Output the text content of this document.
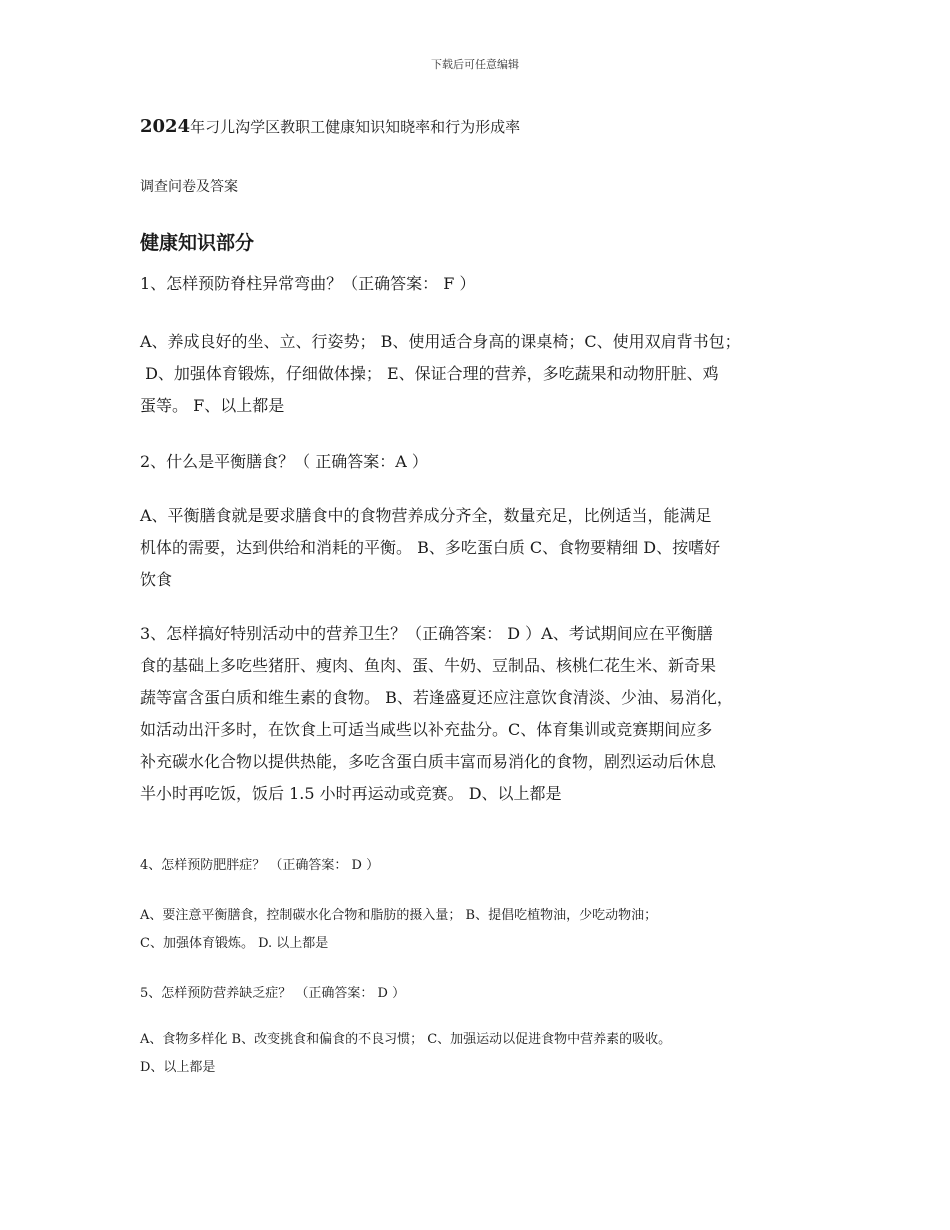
下载后可任意编辑
2024年刁儿沟学区教职工健康知识知晓率和行为形成率
调查问卷及答案
健康知识部分
1、怎样预防脊柱异常弯曲？（正确答案： F ）
A、养成良好的坐、立、行姿势； B、使用适合身高的课桌椅；C、使用双肩背书包；
D、加强体育锻炼，仔细做体操； E、保证合理的营养，多吃蔬果和动物肝脏、鸡
蛋等。 F、以上都是
2、什么是平衡膳食？（ 正确答案：A ）
A、平衡膳食就是要求膳食中的食物营养成分齐全，数量充足，比例适当，能满足
机体的需要，达到供给和消耗的平衡。 B、多吃蛋白质 C、食物要精细 D、按嗜好
饮食
3、怎样搞好特别活动中的营养卫生？（正确答案： D ）A、考试期间应在平衡膳
食的基础上多吃些猪肝、瘦肉、鱼肉、蛋、牛奶、豆制品、核桃仁花生米、新奇果
蔬等富含蛋白质和维生素的食物。 B、若逢盛夏还应注意饮食清淡、少油、易消化，
如活动出汗多时，在饮食上可适当咸些以补充盐分。C、体育集训或竞赛期间应多
补充碳水化合物以提供热能，多吃含蛋白质丰富而易消化的食物，剧烈运动后休息
半小时再吃饭，饭后 1.5 小时再运动或竞赛。 D、以上都是
4、怎样预防肥胖症？ （正确答案： D ）
A、要注意平衡膳食，控制碳水化合物和脂肪的摄入量； B、提倡吃植物油，少吃动物油；
C、加强体育锻炼。 D. 以上都是
5、怎样预防营养缺乏症？ （正确答案： D ）
A、食物多样化 B、改变挑食和偏食的不良习惯； C、加强运动以促进食物中营养素的吸收。
D、以上都是
